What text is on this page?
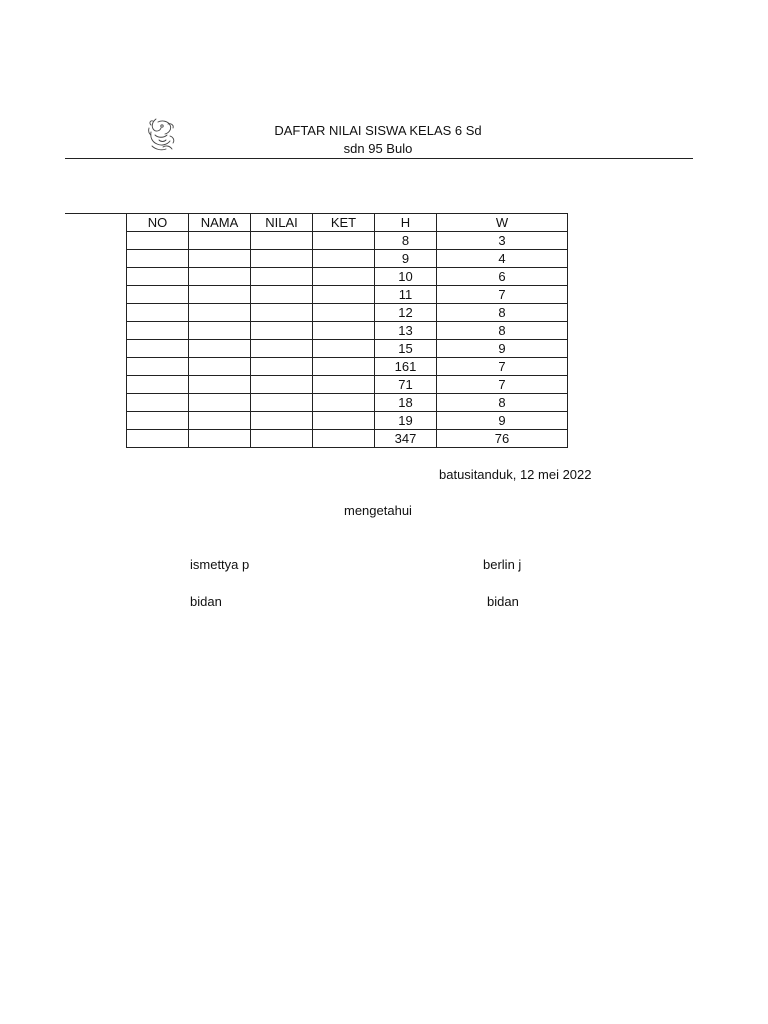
DAFTAR NILAI SISWA KELAS 6 Sd
sdn 95 Bulo
NO	NAMA	NILAI	KET	H	W
				8	3
				9	4
				10	6
				11	7
				12	8
				13	8
				15	9
				161	7
				71	7
				18	8
				19	9
				347	76
batusitanduk, 12 mei 2022
mengetahui
ismettya p	berlin j
bidan	bidan
